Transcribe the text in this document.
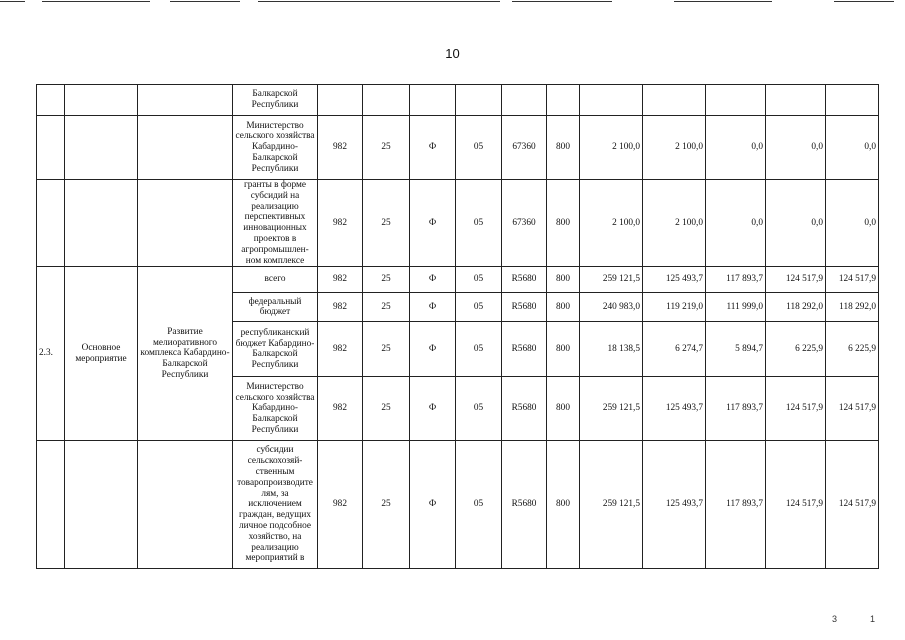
10
			Балкарской Республики											
			Министерство сельского хозяйства Кабардино-Балкарской Республики	982	25	Ф	05	67360	800	2 100,0	2 100,0	0,0	0,0	0,0
			гранты в форме субсидий на реализацию перспективных инновационных проектов в агропромышлен-ном комплексе	982	25	Ф	05	67360	800	2 100,0	2 100,0	0,0	0,0	0,0
2.3.	Основное мероприятие	Развитие мелиоративного комплекса Кабардино-Балкарской Республики	всего	982	25	Ф	05	R5680	800	259 121,5	125 493,7	117 893,7	124 517,9	124 517,9
			федеральный бюджет	982	25	Ф	05	R5680	800	240 983,0	119 219,0	111 999,0	118 292,0	118 292,0
			республиканский бюджет Кабардино-Балкарской Республики	982	25	Ф	05	R5680	800	18 138,5	6 274,7	5 894,7	6 225,9	6 225,9
			Министерство сельского хозяйства Кабардино-Балкарской Республики	982	25	Ф	05	R5680	800	259 121,5	125 493,7	117 893,7	124 517,9	124 517,9
			субсидии сельскохозяй-ственным товаропроизводите лям, за исключением граждан, ведущих личное подсобное хозяйство, на реализацию мероприятий в	982	25	Ф	05	R5680	800	259 121,5	125 493,7	117 893,7	124 517,9	124 517,9
3	1
